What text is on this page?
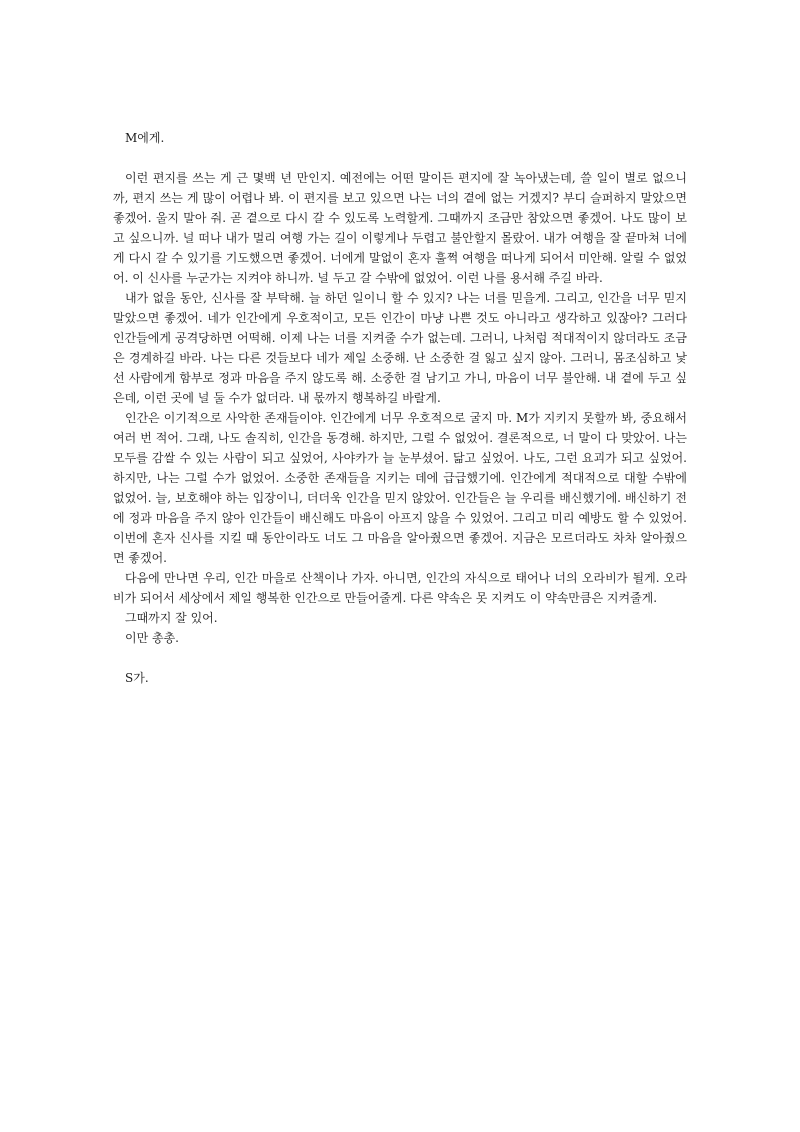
M에게.

이런 편지를 쓰는 게 근 몇백 년 만인지. 예전에는 어떤 말이든 편지에 잘 녹아냈는데, 쓸 일이 별로 없으니까, 편지 쓰는 게 많이 어렵나 봐. 이 편지를 보고 있으면 나는 너의 곁에 없는 거겠지? 부디 슬퍼하지 말았으면 좋겠어. 울지 말아 줘. 곧 곁으로 다시 갈 수 있도록 노력할게. 그때까지 조금만 참았으면 좋겠어. 나도 많이 보고 싶으니까. 널 떠나 내가 멀리 여행 가는 길이 이렇게나 두렵고 불안할지 몰랐어. 내가 여행을 잘 끝마쳐 너에게 다시 갈 수 있기를 기도했으면 좋겠어. 너에게 말없이 혼자 훌쩍 여행을 떠나게 되어서 미안해. 알릴 수 없었어. 이 신사를 누군가는 지켜야 하니까. 널 두고 갈 수밖에 없었어. 이런 나를 용서해 주길 바라.

내가 없을 동안, 신사를 잘 부탁해. 늘 하던 일이니 할 수 있지? 나는 너를 믿을게. 그리고, 인간을 너무 믿지 말았으면 좋겠어. 네가 인간에게 우호적이고, 모든 인간이 마냥 나쁜 것도 아니라고 생각하고 있잖아? 그러다 인간들에게 공격당하면 어떡해. 이제 나는 너를 지켜줄 수가 없는데. 그러니, 나처럼 적대적이지 않더라도 조금은 경계하길 바라. 나는 다른 것들보다 네가 제일 소중해. 난 소중한 걸 잃고 싶지 않아. 그러니, 몸조심하고 낯선 사람에게 함부로 정과 마음을 주지 않도록 해. 소중한 걸 남기고 가니, 마음이 너무 불안해. 내 곁에 두고 싶은데, 이런 곳에 널 둘 수가 없더라. 내 몫까지 행복하길 바랄게.

인간은 이기적으로 사악한 존재들이야. 인간에게 너무 우호적으로 굴지 마. M가 지키지 못할까 봐, 중요해서 여러 번 적어. 그래, 나도 솔직히, 인간을 동경해. 하지만, 그럴 수 없었어. 결론적으로, 너 말이 다 맞았어. 나는 모두를 감쌀 수 있는 사람이 되고 싶었어, 사야카가 늘 눈부셨어. 닮고 싶었어. 나도, 그런 요괴가 되고 싶었어. 하지만, 나는 그럴 수가 없었어. 소중한 존재들을 지키는 데에 급급했기에. 인간에게 적대적으로 대할 수밖에 없었어. 늘, 보호해야 하는 입장이니, 더더욱 인간을 믿지 않았어. 인간들은 늘 우리를 배신했기에. 배신하기 전에 정과 마음을 주지 않아 인간들이 배신해도 마음이 아프지 않을 수 있었어. 그리고 미리 예방도 할 수 있었어. 이번에 혼자 신사를 지킬 때 동안이라도 너도 그 마음을 알아줬으면 좋겠어. 지금은 모르더라도 차차 알아줬으면 좋겠어.

다음에 만나면 우리, 인간 마을로 산책이나 가자. 아니면, 인간의 자식으로 태어나 너의 오라비가 될게. 오라비가 되어서 세상에서 제일 행복한 인간으로 만들어줄게. 다른 약속은 못 지켜도 이 약속만큼은 지켜줄게.

그때까지 잘 있어.

이만 총총.

S가.
